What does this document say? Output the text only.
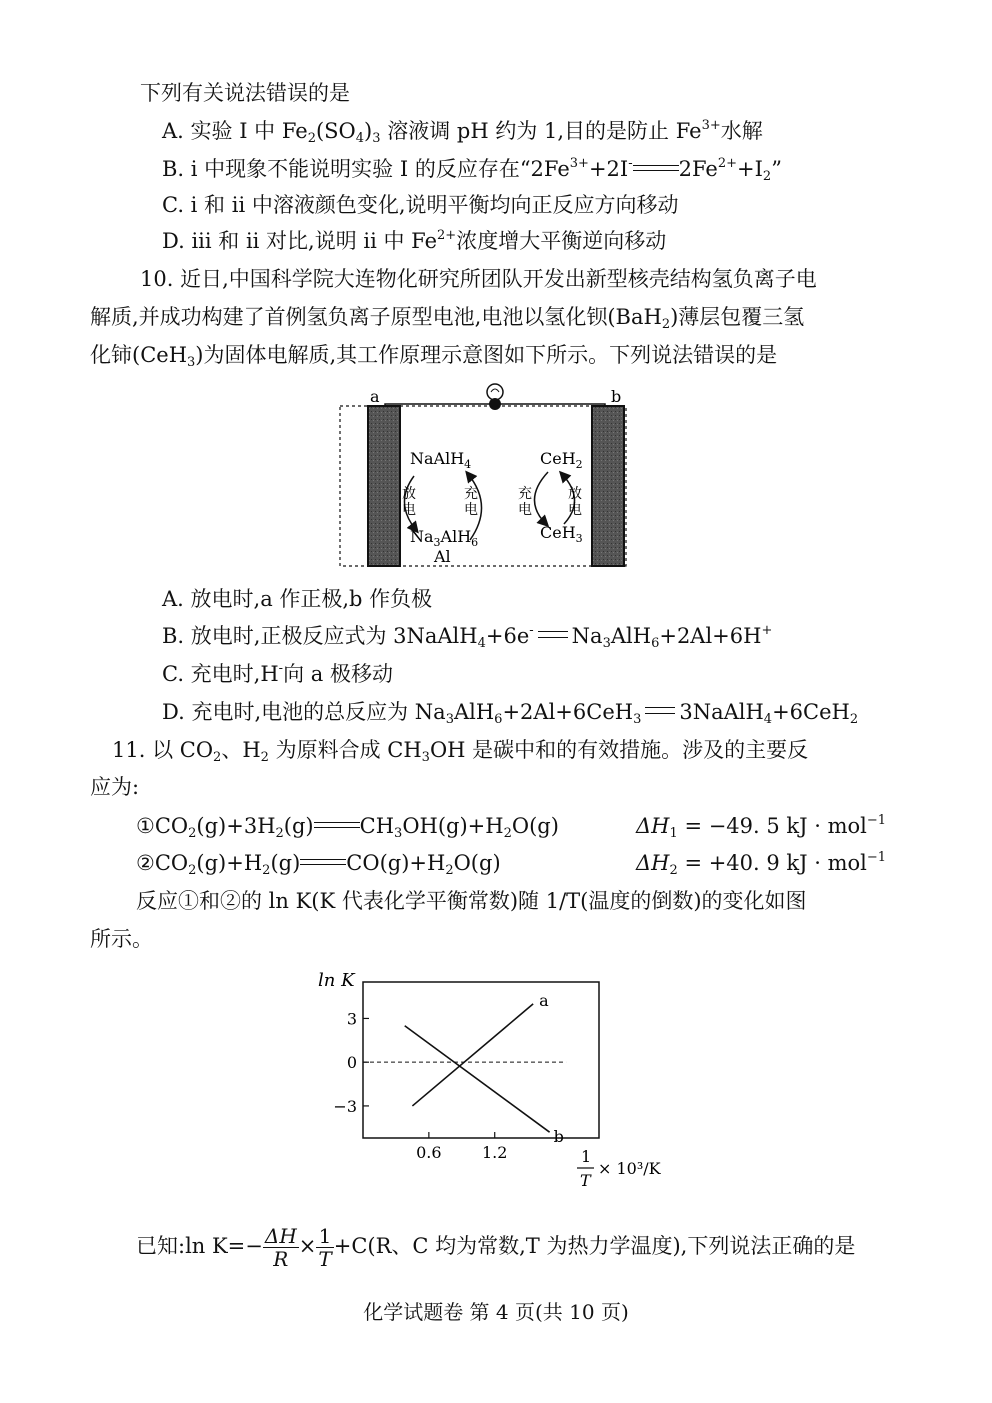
下列有关说法错误的是
A. 实验 I 中 $Fe_2(SO_4)_3$ 溶液调 pH 约为 1,目的是防止 $Fe^{3+}$水解
B. i 中现象不能说明实验 I 的反应存在“$2Fe^{3+}+2I^-$ $2Fe^{2+}+I_2$”
C. i 和 ii 中溶液颜色变化,说明平衡均向正反应方向移动
D. iii 和 ii 对比,说明 ii 中 $Fe^{2+}$浓度增大平衡逆向移动
10. 近日,中国科学院大连物化研究所团队开发出新型核壳结构氢负离子电
解质,并成功构建了首例氢负离子原型电池,电池以氢化钡(BaH$_2$)薄层包覆三氢
化铈(CeH$_3$)为固体电解质,其工作原理示意图如下所示。下列说法错误的是
a	b
NaAlH$_4$
$Na_3AlH_6$
Al
放
电
充
电
CeH$_2$
CeH$_3$
充
电
放
电
A. 放电时,a 作正极,b 作负极
B. 放电时,正极反应式为 3NaAlH$_4$+6e- $Na_3AlH_6+2Al+6H^+$
C. 充电时,H-向 a 极移动
D. 充电时,电池的总反应为 $Na_3AlH_6+2Al+6CeH_3$ 3NaAlH$_4$+6CeH$_2$
11. 以 $CO_2$、$H_2$ 为原料合成 $CH_3OH$ 是碳中和的有效措施。涉及的主要反
应为:
$①CO_2(g)+3H_2(g)$ $CH_3OH(g)+H_2O(g)$	$\Delta H_1 = -49$. 5 kJ · mol$^{-1}$
$②CO_2(g)+H_2(g)$ $CO(g)+H_2O(g)$	$\Delta H_2 = +40$. 9 kJ · mol$^{-1}$
反应①和②的 ln K(K 代表化学平衡常数)随 1/T(温度的倒数)的变化如图
所示。
ln K
0.6	1.2
3
0
−3
a
b
1
T
× 10³/K
已知:ln $K=- \frac{\Delta H}{R} \times \frac{1}{T} +C(R$、C 均为常数,T 为热力学温度),下列说法正确的是
化学试题卷 第 4 页(共 10 页)
